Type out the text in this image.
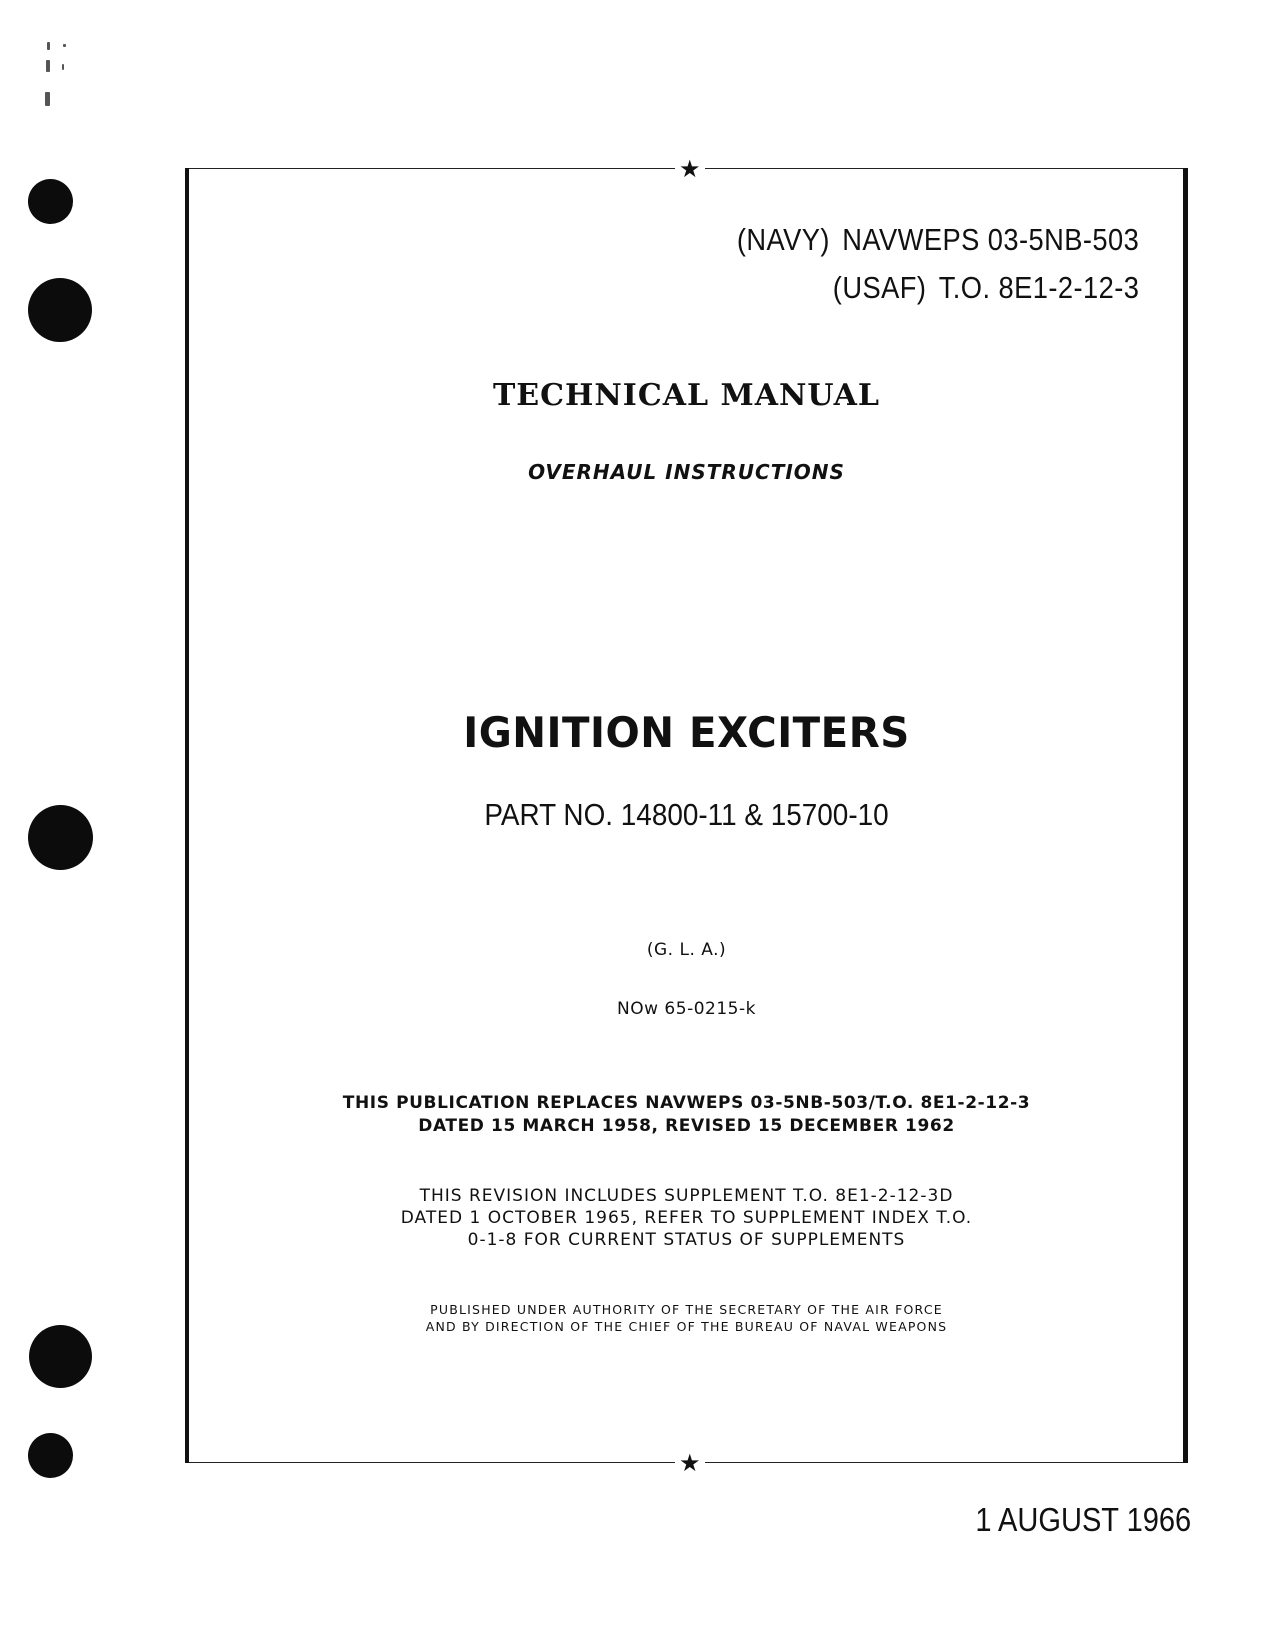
★
★
(NAVY) NAVWEPS 03-5NB-503
(USAF) T.O. 8E1-2-12-3
TECHNICAL MANUAL
OVERHAUL INSTRUCTIONS
IGNITION EXCITERS
PART NO. 14800-11 & 15700-10
(G. L. A.)
NOw 65-0215-k
THIS PUBLICATION REPLACES NAVWEPS 03-5NB-503/T.O. 8E1-2-12-3
DATED 15 MARCH 1958, REVISED 15 DECEMBER 1962
THIS REVISION INCLUDES SUPPLEMENT T.O. 8E1-2-12-3D
DATED 1 OCTOBER 1965, REFER TO SUPPLEMENT INDEX T.O.
0-1-8 FOR CURRENT STATUS OF SUPPLEMENTS
PUBLISHED UNDER AUTHORITY OF THE SECRETARY OF THE AIR FORCE
AND BY DIRECTION OF THE CHIEF OF THE BUREAU OF NAVAL WEAPONS
1 AUGUST 1966
